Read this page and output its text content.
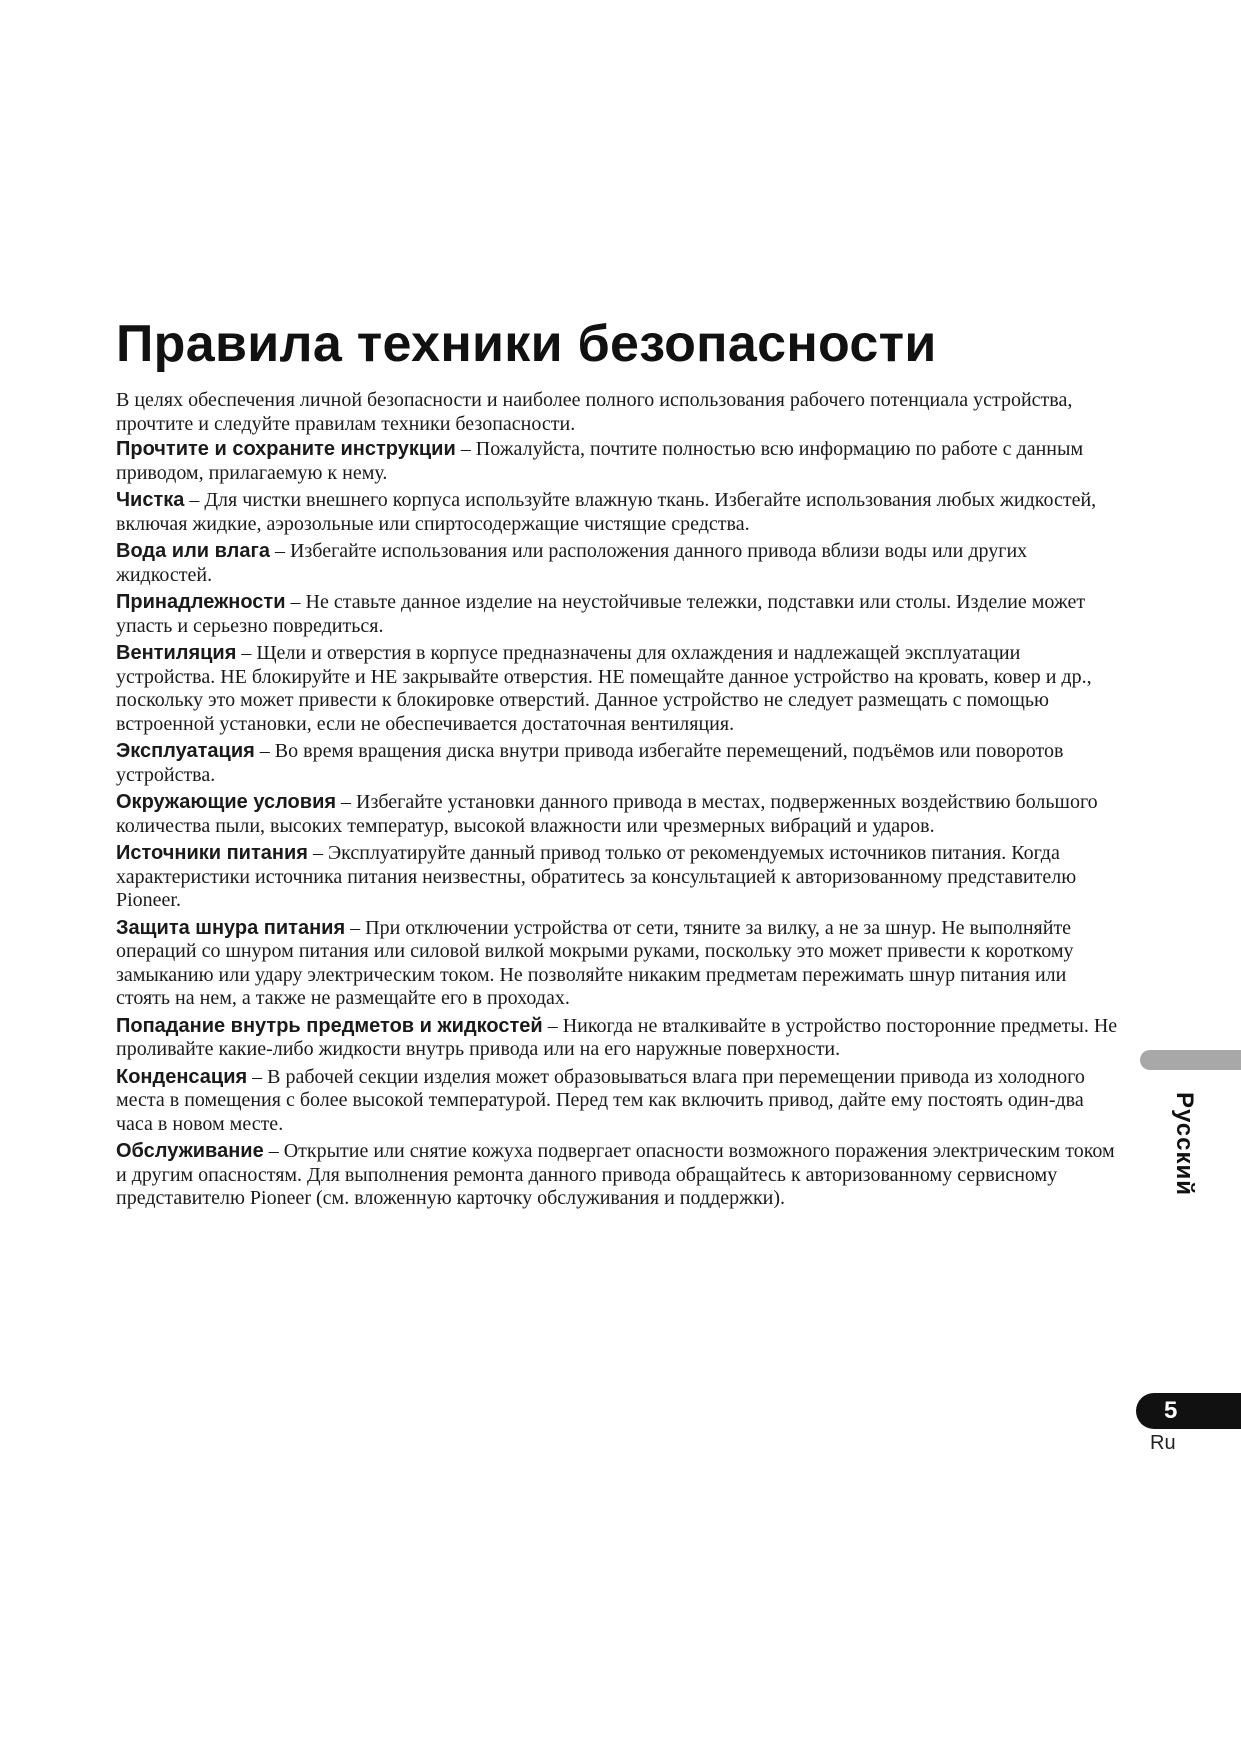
Правила техники безопасности

В целях обеспечения личной безопасности и наиболее полного использования рабочего потенциала устройства, прочтите и следуйте правилам техники безопасности.

Прочтите и сохраните инструкции – Пожалуйста, почтите полностью всю информацию по работе с данным приводом, прилагаемую к нему.

Чистка – Для чистки внешнего корпуса используйте влажную ткань. Избегайте использования любых жидкостей, включая жидкие, аэрозольные или спиртосодержащие чистящие средства.

Вода или влага – Избегайте использования или расположения данного привода вблизи воды или других жидкостей.

Принадлежности – Не ставьте данное изделие на неустойчивые тележки, подставки или столы. Изделие может упасть и серьезно повредиться.

Вентиляция – Щели и отверстия в корпусе предназначены для охлаждения и надлежащей эксплуатации устройства. НЕ блокируйте и НЕ закрывайте отверстия. НЕ помещайте данное устройство на кровать, ковер и др., поскольку это может привести к блокировке отверстий. Данное устройство не следует размещать с помощью встроенной установки, если не обеспечивается достаточная вентиляция.

Эксплуатация – Во время вращения диска внутри привода избегайте перемещений, подъёмов или поворотов устройства.

Окружающие условия – Избегайте установки данного привода в местах, подверженных воздействию большого количества пыли, высоких температур, высокой влажности или чрезмерных вибраций и ударов.

Источники питания – Эксплуатируйте данный привод только от рекомендуемых источников питания. Когда характеристики источника питания неизвестны, обратитесь за консультацией к авторизованному представителю Pioneer.

Защита шнура питания – При отключении устройства от сети, тяните за вилку, а не за шнур. Не выполняйте операций со шнуром питания или силовой вилкой мокрыми руками, поскольку это может привести к короткому замыканию или удару электрическим током. Не позволяйте никаким предметам пережимать шнур питания или стоять на нем, а также не размещайте его в проходах.

Попадание внутрь предметов и жидкостей – Никогда не вталкивайте в устройство посторонние предметы. Не проливайте какие-либо жидкости внутрь привода или на его наружные поверхности.

Конденсация – В рабочей секции изделия может образовываться влага при перемещении привода из холодного места в помещения с более высокой температурой. Перед тем как включить привод, дайте ему постоять один-два часа в новом месте.

Обслуживание – Открытие или снятие кожуха подвергает опасности возможного поражения электрическим током и другим опасностям. Для выполнения ремонта данного привода обращайтесь к авторизованному сервисному представителю Pioneer (см. вложенную карточку обслуживания и поддержки).

Русский
5
Ru
